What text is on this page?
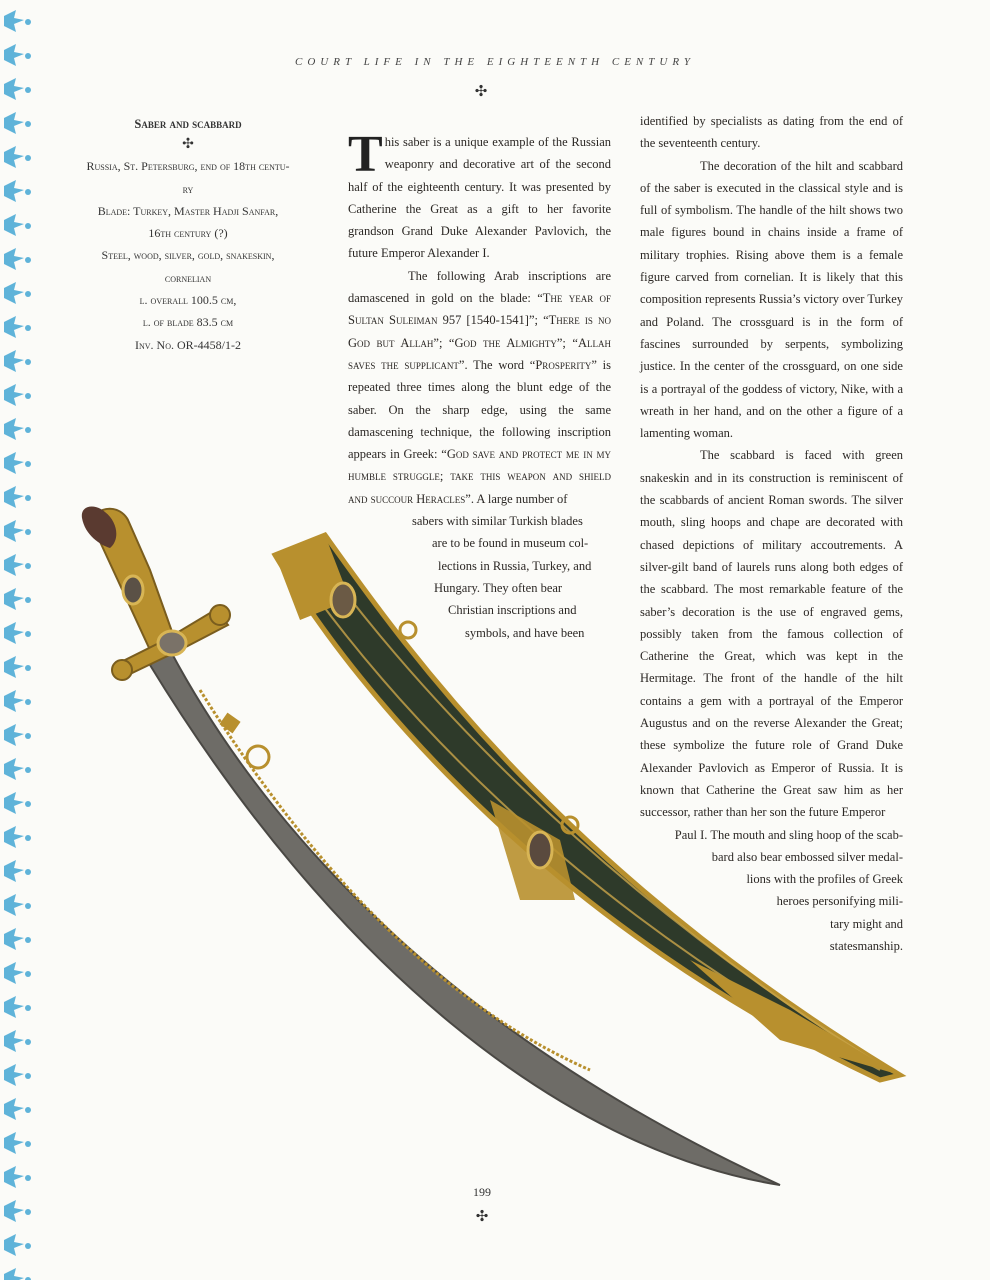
COURT LIFE IN THE EIGHTEENTH CENTURY
✣
Saber and scabbard
✣
Russia, St. Petersburg, end of 18th centu-
ry
Blade: Turkey, Master Hadji Sanfar,
16th century (?)
Steel, wood, silver, gold, snakeskin,
cornelian
l. overall 100.5 cm,
l. of blade 83.5 cm
Inv. No. OR-4458/1-2

T his saber is a unique example of the Russian weaponry and decorative art of the second half of the eighteenth century. It was presented by Catherine the Great as a gift to her favorite grandson Grand Duke Alexander Pavlovich, the future Emperor Alexander I.

The following Arab inscriptions are damascened in gold on the blade: “The year of Sultan Suleiman 957 [1540-1541]”; “There is no God but Allah”; “God the Almighty”; “Allah saves the supplicant”. The word “Prosperity” is repeated three times along the blunt edge of the saber. On the sharp edge, using the same damascening technique, the following inscription appears in Greek: “God save and protect me in my humble struggle; take this weapon and shield and succour Heracles”. A large number of

sabers with similar Turkish blades
are to be found in museum col-
lections in Russia, Turkey, and
Hungary. They often bear
Christian inscriptions and
symbols, and have been

identified by specialists as dating from the end of the seventeenth century.

The decoration of the hilt and scabbard of the saber is executed in the classical style and is full of symbolism. The handle of the hilt shows two male figures bound in chains inside a frame of military trophies. Rising above them is a female figure carved from cornelian. It is likely that this composition represents Russia’s victory over Turkey and Poland. The crossguard is in the form of fascines surrounded by serpents, symbolizing justice. In the center of the crossguard, on one side is a portrayal of the goddess of victory, Nike, with a wreath in her hand, and on the other a figure of a lamenting woman.

The scabbard is faced with green snakeskin and in its construction is reminiscent of the scabbards of ancient Roman swords. The silver mouth, sling hoops and chape are decorated with chased depictions of military accoutrements. A silver-gilt band of laurels runs along both edges of the scabbard. The most remarkable feature of the saber’s decoration is the use of engraved gems, possibly taken from the famous collection of Catherine the Great, which was kept in the Hermitage. The front of the handle of the hilt contains a gem with a portrayal of the Emperor Augustus and on the reverse Alexander the Great; these symbolize the future role of Grand Duke Alexander Pavlovich as Emperor of Russia. It is known that Catherine the Great saw him as her successor, rather than her son the future Emperor

Paul I. The mouth and sling hoop of the scab-
bard also bear embossed silver medal-
lions with the profiles of Greek
heroes personifying mili-
tary might and
statesmanship.
199
✣
